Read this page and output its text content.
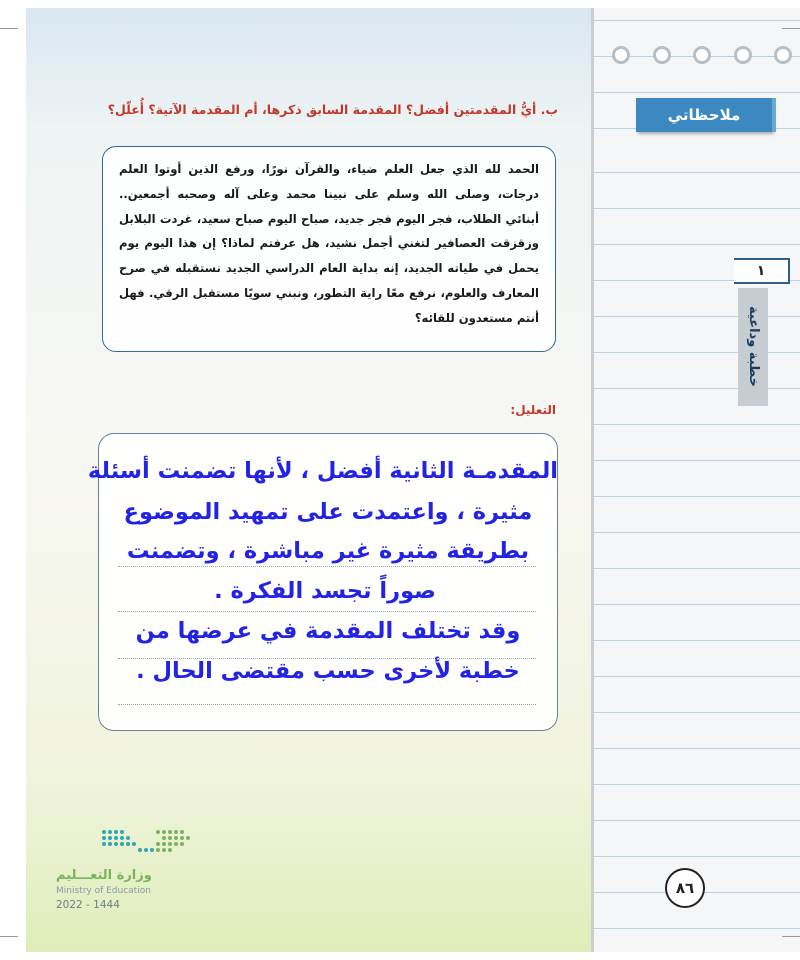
ملاحظاتي
١
خطبة وداعية
ب. أيُّ المقدمتين أفضل؟ المقدمة السابق ذكرها، أم المقدمة الآتية؟ أُعلّل؟
الحمد لله الذي جعل العلم ضياء، والقرآن نورًا، ورفع الذين أوتوا العلم درجات، وصلى الله وسلم على نبينا محمد وعلى آله وصحبه أجمعين.. أبنائي الطلاب، فجر اليوم فجر جديد، صباح اليوم صباح سعيد، غردت البلابل وزقزقت العصافير لتغني أجمل نشيد، هل عرفتم لماذا؟ إن هذا اليوم يوم يحمل في طياته الجديد، إنه بداية العام الدراسي الجديد نستقبله في صرح المعارف والعلوم، نرفع معًا راية التطور، ونبني سويًا مستقبل الرقي. فهل أنتم مستعدون للقائه؟
التعليل:
المقدمـة الثانية أفضل ، لأنها تضمنت أسئلة
مثيرة ، واعتمدت على تمهيد الموضوع
بطريقة مثيرة غير مباشرة ، وتضمنت
صوراً تجسد الفكرة .
وقد تختلف المقدمة في عرضها من
خطبة لأخرى حسب مقتضى الحال .
وزارة التعـــليم
Ministry of Education
2022 - 1444
٨٦
